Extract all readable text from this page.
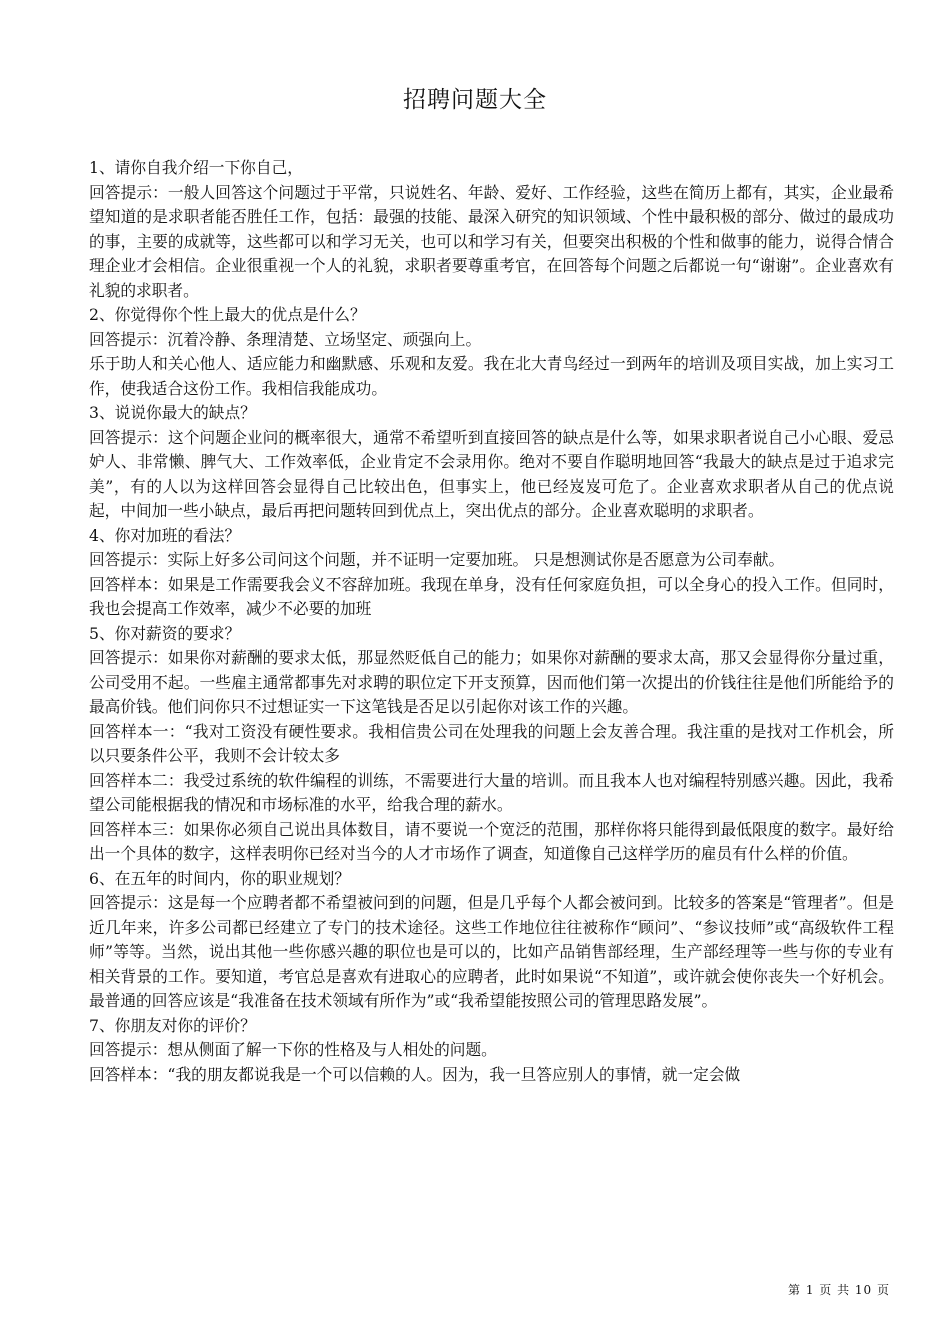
招聘问题大全

1、请你自我介绍一下你自己，

回答提示：一般人回答这个问题过于平常，只说姓名、年龄、爱好、工作经验，这些在简历上都有，其实，企业最希望知道的是求职者能否胜任工作，包括：最强的技能、最深入研究的知识领域、个性中最积极的部分、做过的最成功的事，主要的成就等，这些都可以和学习无关，也可以和学习有关，但要突出积极的个性和做事的能力，说得合情合理企业才会相信。企业很重视一个人的礼貌，求职者要尊重考官，在回答每个问题之后都说一句“谢谢”。企业喜欢有礼貌的求职者。

2、你觉得你个性上最大的优点是什么？

回答提示：沉着冷静、条理清楚、立场坚定、顽强向上。

乐于助人和关心他人、适应能力和幽默感、乐观和友爱。我在北大青鸟经过一到两年的培训及项目实战，加上实习工作，使我适合这份工作。我相信我能成功。

3、说说你最大的缺点？

回答提示：这个问题企业问的概率很大，通常不希望听到直接回答的缺点是什么等，如果求职者说自己小心眼、爱忌妒人、非常懒、脾气大、工作效率低，企业肯定不会录用你。绝对不要自作聪明地回答“我最大的缺点是过于追求完美”，有的人以为这样回答会显得自己比较出色，但事实上，他已经岌岌可危了。企业喜欢求职者从自己的优点说起，中间加一些小缺点，最后再把问题转回到优点上，突出优点的部分。企业喜欢聪明的求职者。

4、你对加班的看法？

回答提示：实际上好多公司问这个问题，并不证明一定要加班。 只是想测试你是否愿意为公司奉献。

回答样本：如果是工作需要我会义不容辞加班。我现在单身，没有任何家庭负担，可以全身心的投入工作。但同时，我也会提高工作效率，减少不必要的加班

5、你对薪资的要求？

回答提示：如果你对薪酬的要求太低，那显然贬低自己的能力；如果你对薪酬的要求太高，那又会显得你分量过重，公司受用不起。一些雇主通常都事先对求聘的职位定下开支预算，因而他们第一次提出的价钱往往是他们所能给予的最高价钱。他们问你只不过想证实一下这笔钱是否足以引起你对该工作的兴趣。

回答样本一：“我对工资没有硬性要求。我相信贵公司在处理我的问题上会友善合理。我注重的是找对工作机会，所以只要条件公平，我则不会计较太多

回答样本二：我受过系统的软件编程的训练，不需要进行大量的培训。而且我本人也对编程特别感兴趣。因此，我希望公司能根据我的情况和市场标准的水平，给我合理的薪水。

回答样本三：如果你必须自己说出具体数目，请不要说一个宽泛的范围，那样你将只能得到最低限度的数字。最好给出一个具体的数字，这样表明你已经对当今的人才市场作了调查，知道像自己这样学历的雇员有什么样的价值。

6、在五年的时间内，你的职业规划？

回答提示：这是每一个应聘者都不希望被问到的问题，但是几乎每个人都会被问到。比较多的答案是“管理者”。但是近几年来，许多公司都已经建立了专门的技术途径。这些工作地位往往被称作“顾问”、“参议技师”或“高级软件工程师”等等。当然，说出其他一些你感兴趣的职位也是可以的，比如产品销售部经理，生产部经理等一些与你的专业有相关背景的工作。要知道，考官总是喜欢有进取心的应聘者，此时如果说“不知道”，或许就会使你丧失一个好机会。最普通的回答应该是“我准备在技术领域有所作为”或“我希望能按照公司的管理思路发展”。

7、你朋友对你的评价？

回答提示：想从侧面了解一下你的性格及与人相处的问题。

回答样本：“我的朋友都说我是一个可以信赖的人。因为，我一旦答应别人的事情，就一定会做

第 1 页 共 10 页
